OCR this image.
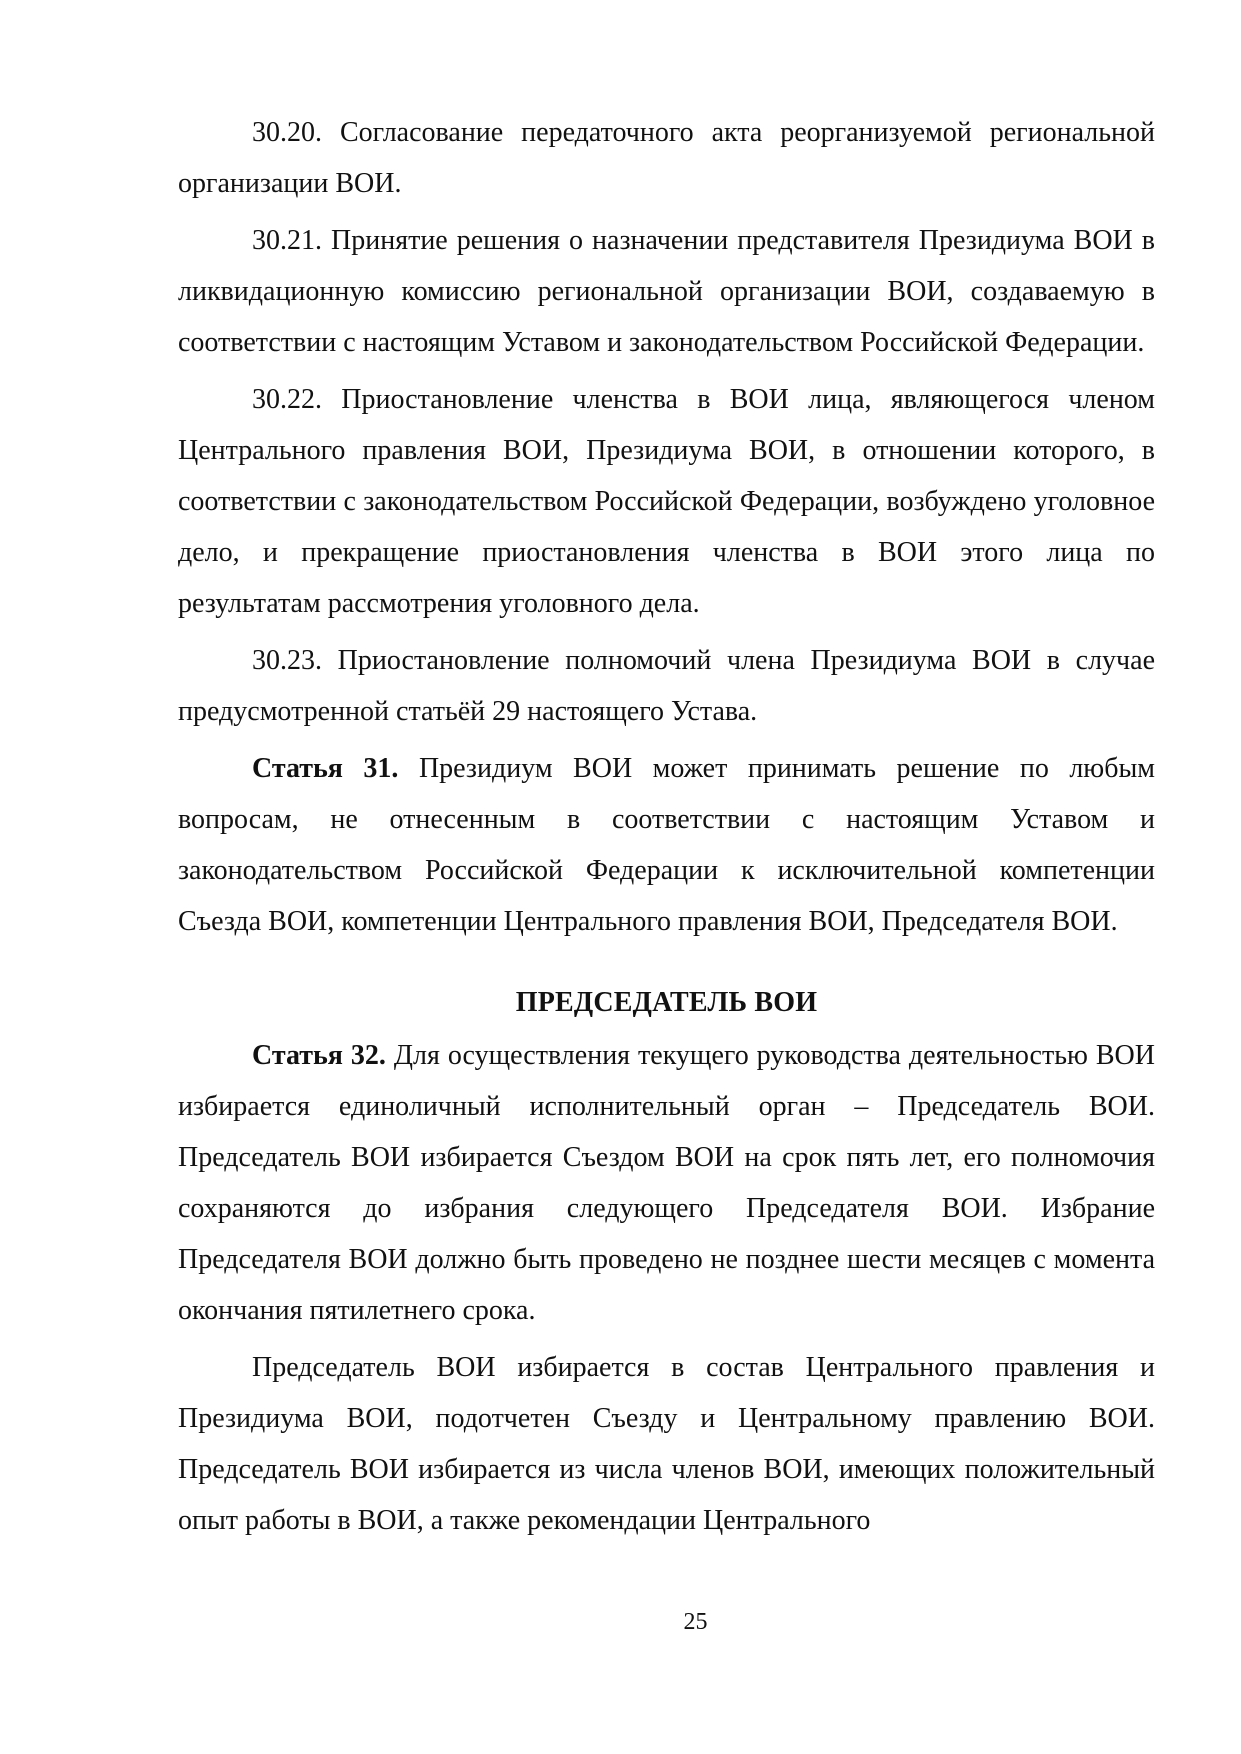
30.20. Согласование передаточного акта реорганизуемой региональной организации ВОИ.

30.21. Принятие решения о назначении представителя Президиума ВОИ в ликвидационную комиссию региональной организации ВОИ, создаваемую в соответствии с настоящим Уставом и законодательством Российской Федерации.

30.22. Приостановление членства в ВОИ лица, являющегося членом Центрального правления ВОИ, Президиума ВОИ, в отношении которого, в соответствии с законодательством Российской Федерации, возбуждено уголовное дело, и прекращение приостановления членства в ВОИ этого лица по результатам рассмотрения уголовного дела.

30.23. Приостановление полномочий члена Президиума ВОИ в случае предусмотренной статьёй 29 настоящего Устава.

Статья 31. Президиум ВОИ может принимать решение по любым вопросам, не отнесенным в соответствии с настоящим Уставом и законодательством Российской Федерации к исключительной компетенции Съезда ВОИ, компетенции Центрального правления ВОИ, Председателя ВОИ.

ПРЕДСЕДАТЕЛЬ ВОИ

Статья 32. Для осуществления текущего руководства деятельностью ВОИ избирается единоличный исполнительный орган – Председатель ВОИ. Председатель ВОИ избирается Съездом ВОИ на срок пять лет, его полномочия сохраняются до избрания следующего Председателя ВОИ. Избрание Председателя ВОИ должно быть проведено не позднее шести месяцев с момента окончания пятилетнего срока.

Председатель ВОИ избирается в состав Центрального правления и Президиума ВОИ, подотчетен Съезду и Центральному правлению ВОИ. Председатель ВОИ избирается из числа членов ВОИ, имеющих положительный опыт работы в ВОИ, а также рекомендации Центрального

25
